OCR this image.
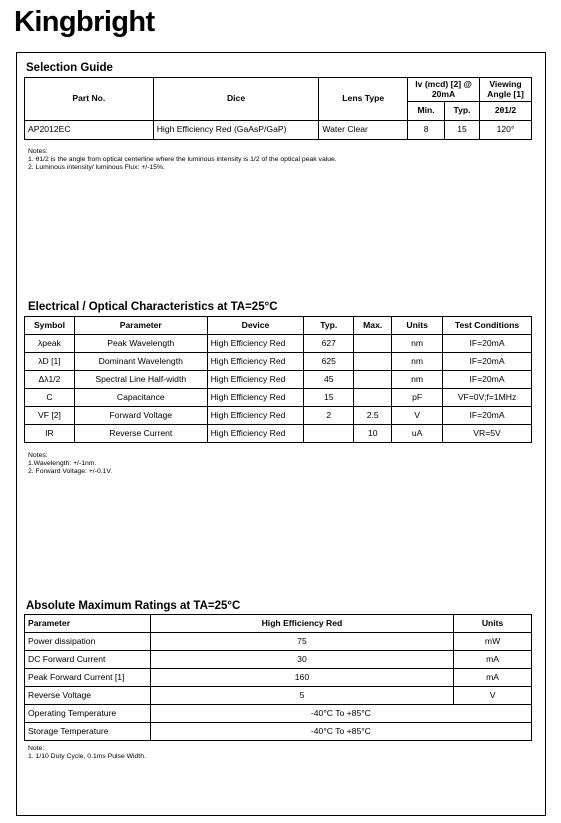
Kingbright
Selection Guide
Part No.	Dice	Lens Type	Iv (mcd) [2] @ 20mA		Viewing Angle [1]
			Min.	Typ.	2θ1/2
AP2012EC	High Efficiency Red (GaAsP/GaP)	Water Clear	8	15	120°
Notes:
1. θ1/2 is the angle from optical centerline where the luminous intensity is 1/2 of the optical peak value.
2. Luminous intensity/ luminous Flux: +/-15%.
Electrical / Optical Characteristics at TA=25°C
Symbol	Parameter	Device	Typ.	Max.	Units	Test Conditions
λpeak	Peak Wavelength	High Efficiency Red	627		nm	IF=20mA
λD [1]	Dominant Wavelength	High Efficiency Red	625		nm	IF=20mA
Δλ1/2	Spectral Line Half-width	High Efficiency Red	45		nm	IF=20mA
C	Capacitance	High Efficiency Red	15		pF	VF=0V;f=1MHz
VF [2]	Forward Voltage	High Efficiency Red	2	2.5	V	IF=20mA
IR	Reverse Current	High Efficiency Red		10	uA	VR=5V
Notes:
1.Wavelength: +/-1nm.
2. Forward Voltage: +/-0.1V.
Absolute Maximum Ratings at TA=25°C
Parameter	High Efficiency Red	Units
Power dissipation	75	mW
DC Forward Current	30	mA
Peak Forward Current [1]	160	mA
Reverse Voltage	5	V
Operating Temperature	-40°C To +85°C	
Storage Temperature	-40°C To +85°C	
Note:
1. 1/10 Duty Cycle, 0.1ms Pulse Width.
